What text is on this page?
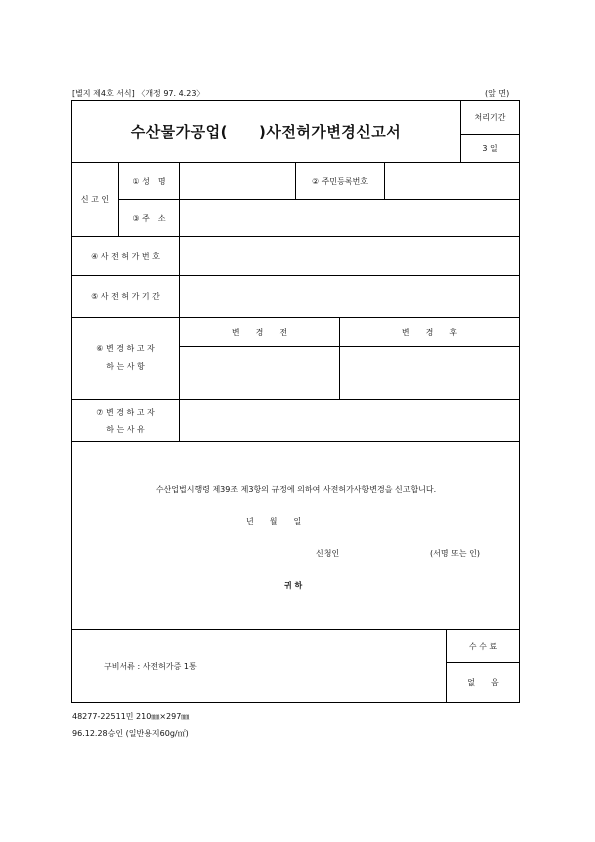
[별지 제4호 서식] 〈개정 97. 4.23〉	(앞 면)
수산물가공업(　　)사전허가변경신고서
처리기간
3 일
신 고 인
① 성　명	② 주민등록번호
③ 주　소
④ 사 전 허 가 번 호
⑤ 사 전 허 가 기 간
⑥ 변 경 하 고 자
하 는 사 항
변　　경　　전	변　　경　　후
⑦ 변 경 하 고 자
하 는 사 유
수산업법시행령 제39조 제3항의 규정에 의하여 사전허가사항변경을 신고합니다.
년　　월　　일
신청인	(서명 또는 인)
귀 하
구비서류 : 사전허가증 1통
수 수 료
없　　음
48277-22511민 210㎜×297㎜
96.12.28승인 (일반용지60g/㎡)
